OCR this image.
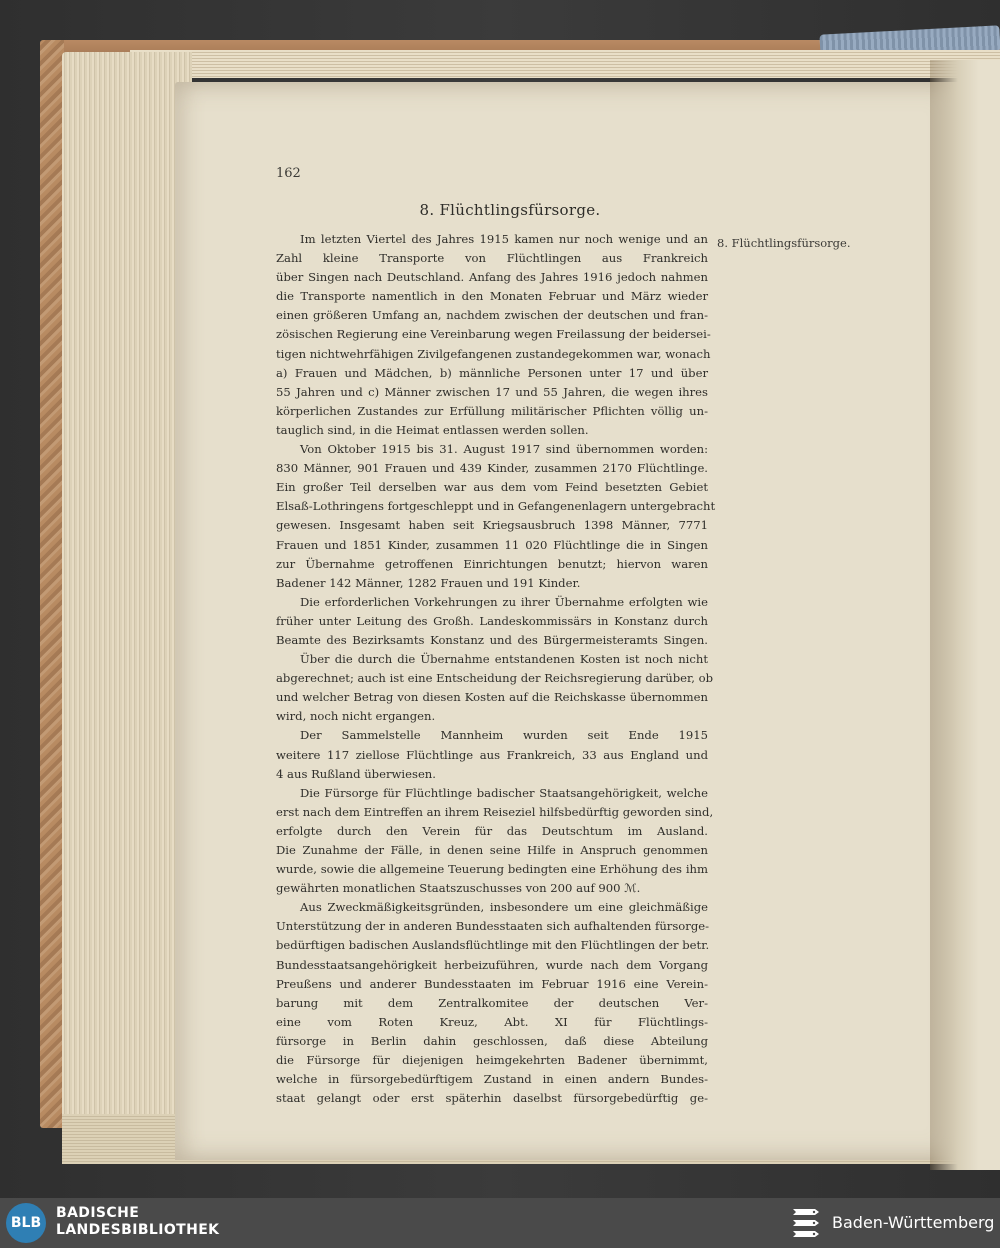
162
8. Flüchtlingsfürsorge.
8. Flüchtlingsfürsorge.
Im letzten Viertel des Jahres 1915 kamen nur noch wenige und an
Zahl kleine Transporte von Flüchtlingen aus Frankreich
über Singen nach Deutschland. Anfang des Jahres 1916 jedoch nahmen
die Transporte namentlich in den Monaten Februar und März wieder
einen größeren Umfang an, nachdem zwischen der deutschen und fran-
zösischen Regierung eine Vereinbarung wegen Freilassung der beidersei-
tigen nichtwehrfähigen Zivilgefangenen zustandegekommen war, wonach
a) Frauen und Mädchen, b) männliche Personen unter 17 und über
55 Jahren und c) Männer zwischen 17 und 55 Jahren, die wegen ihres
körperlichen Zustandes zur Erfüllung militärischer Pflichten völlig un-
tauglich sind, in die Heimat entlassen werden sollen.
Von Oktober 1915 bis 31. August 1917 sind übernommen worden:
830 Männer, 901 Frauen und 439 Kinder, zusammen 2170 Flüchtlinge.
Ein großer Teil derselben war aus dem vom Feind besetzten Gebiet
Elsaß-Lothringens fortgeschleppt und in Gefangenenlagern untergebracht
gewesen. Insgesamt haben seit Kriegsausbruch 1398 Männer, 7771
Frauen und 1851 Kinder, zusammen 11 020 Flüchtlinge die in Singen
zur Übernahme getroffenen Einrichtungen benutzt; hiervon waren
Badener 142 Männer, 1282 Frauen und 191 Kinder.
Die erforderlichen Vorkehrungen zu ihrer Übernahme erfolgten wie
früher unter Leitung des Großh. Landeskommissärs in Konstanz durch
Beamte des Bezirksamts Konstanz und des Bürgermeisteramts Singen.
Über die durch die Übernahme entstandenen Kosten ist noch nicht
abgerechnet; auch ist eine Entscheidung der Reichsregierung darüber, ob
und welcher Betrag von diesen Kosten auf die Reichskasse übernommen
wird, noch nicht ergangen.
Der Sammelstelle Mannheim wurden seit Ende 1915
weitere 117 ziellose Flüchtlinge aus Frankreich, 33 aus England und
4 aus Rußland überwiesen.
Die Fürsorge für Flüchtlinge badischer Staatsangehörigkeit, welche
erst nach dem Eintreffen an ihrem Reiseziel hilfsbedürftig geworden sind,
erfolgte durch den Verein für das Deutschtum im Ausland.
Die Zunahme der Fälle, in denen seine Hilfe in Anspruch genommen
wurde, sowie die allgemeine Teuerung bedingten eine Erhöhung des ihm
gewährten monatlichen Staatszuschusses von 200 auf 900 ℳ.
Aus Zweckmäßigkeitsgründen, insbesondere um eine gleichmäßige
Unterstützung der in anderen Bundesstaaten sich aufhaltenden fürsorge-
bedürftigen badischen Auslandsflüchtlinge mit den Flüchtlingen der betr.
Bundesstaatsangehörigkeit herbeizuführen, wurde nach dem Vorgang
Preußens und anderer Bundesstaaten im Februar 1916 eine Verein-
barung mit dem Zentralkomitee der deutschen Ver-
eine vom Roten Kreuz, Abt. XI für Flüchtlings-
fürsorge in Berlin dahin geschlossen, daß diese Abteilung
die Fürsorge für diejenigen heimgekehrten Badener übernimmt,
welche in fürsorgebedürftigem Zustand in einen andern Bundes-
staat gelangt oder erst späterhin daselbst fürsorgebedürftig ge-
BLB
BADISCHE
LANDESBIBLIOTHEK	Baden-Württemberg
